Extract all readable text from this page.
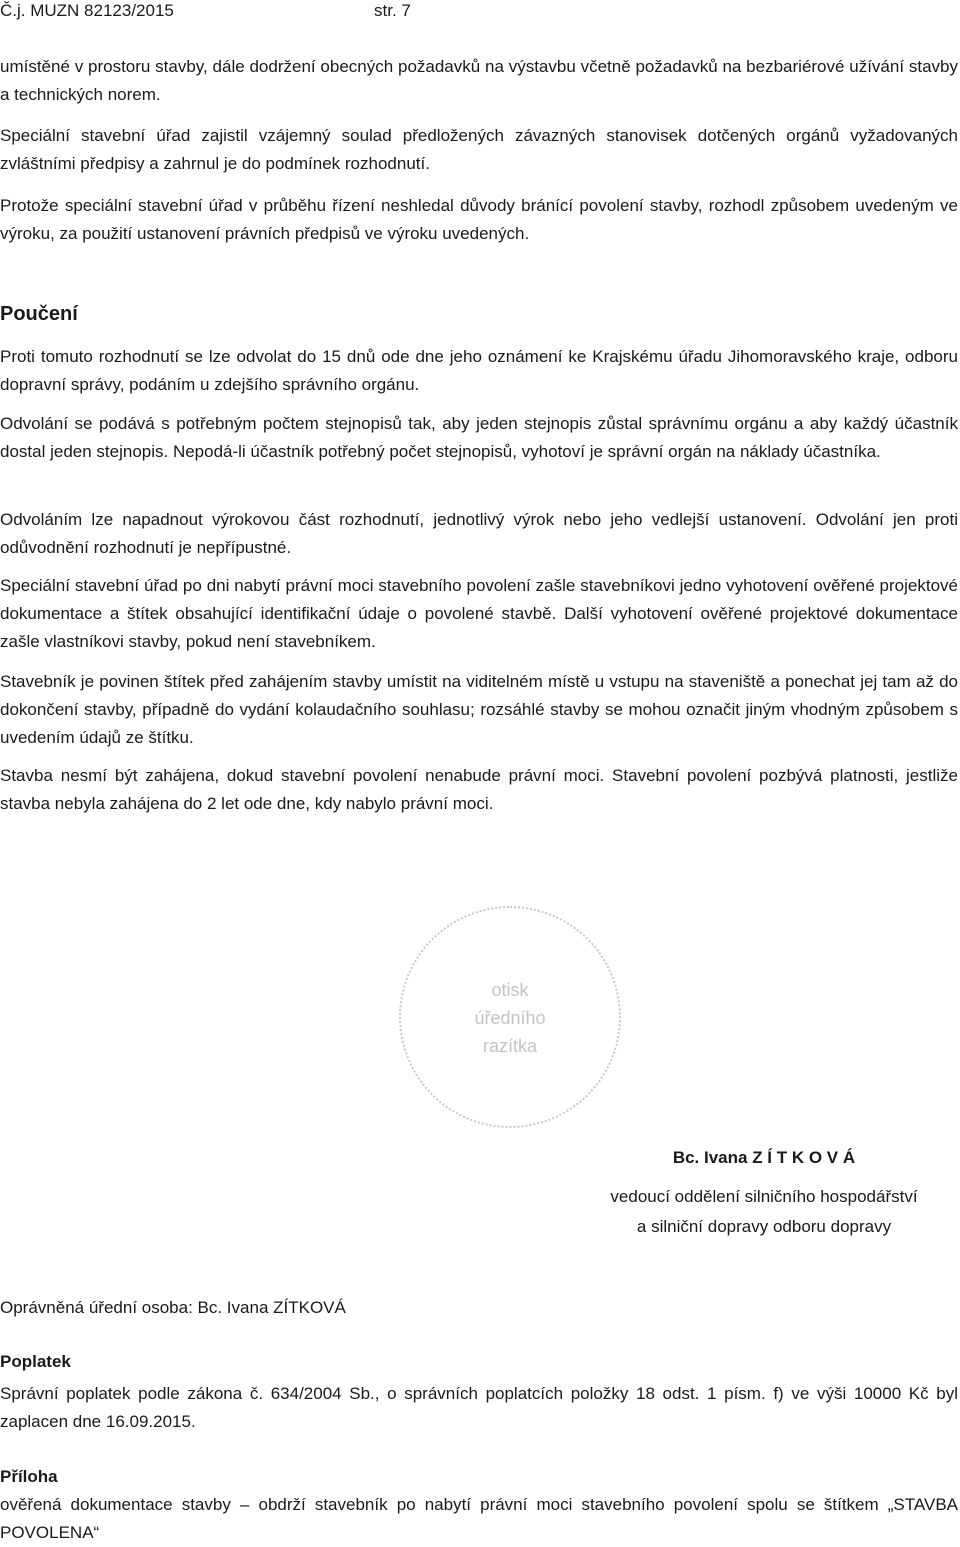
Č.j. MUZN 82123/2015	str. 7

umístěné v prostoru stavby, dále dodržení obecných požadavků na výstavbu včetně požadavků na bezbariérové užívání stavby a technických norem.

Speciální stavební úřad zajistil vzájemný soulad předložených závazných stanovisek dotčených orgánů vyžadovaných zvláštními předpisy a zahrnul je do podmínek rozhodnutí.

Protože speciální stavební úřad v průběhu řízení neshledal důvody bránící povolení stavby, rozhodl způsobem uvedeným ve výroku, za použití ustanovení právních předpisů ve výroku uvedených.

Poučení

Proti tomuto rozhodnutí se lze odvolat do 15 dnů ode dne jeho oznámení ke Krajskému úřadu Jihomoravského kraje, odboru dopravní správy, podáním u zdejšího správního orgánu.

Odvolání se podává s potřebným počtem stejnopisů tak, aby jeden stejnopis zůstal správnímu orgánu a aby každý účastník dostal jeden stejnopis. Nepodá-li účastník potřebný počet stejnopisů, vyhotoví je správní orgán na náklady účastníka.

Odvoláním lze napadnout výrokovou část rozhodnutí, jednotlivý výrok nebo jeho vedlejší ustanovení. Odvolání jen proti odůvodnění rozhodnutí je nepřípustné.

Speciální stavební úřad po dni nabytí právní moci stavebního povolení zašle stavebníkovi jedno vyhotovení ověřené projektové dokumentace a štítek obsahující identifikační údaje o povolené stavbě. Další vyhotovení ověřené projektové dokumentace zašle vlastníkovi stavby, pokud není stavebníkem.

Stavebník je povinen štítek před zahájením stavby umístit na viditelném místě u vstupu na staveniště a ponechat jej tam až do dokončení stavby, případně do vydání kolaudačního souhlasu; rozsáhlé stavby se mohou označit jiným vhodným způsobem s uvedením údajů ze štítku.

Stavba nesmí být zahájena, dokud stavební povolení nenabude právní moci. Stavební povolení pozbývá platnosti, jestliže stavba nebyla zahájena do 2 let ode dne, kdy nabylo právní moci.

otisk
úředního
razítka

Bc. Ivana Z Í T K O V Á

vedoucí oddělení silničního hospodářství
a silniční dopravy odboru dopravy

Oprávněná úřední osoba: Bc. Ivana ZÍTKOVÁ

Poplatek

Správní poplatek podle zákona č. 634/2004 Sb., o správních poplatcích položky 18 odst. 1 písm. f) ve výši 10000 Kč byl zaplacen dne 16.09.2015.

Příloha

ověřená dokumentace stavby – obdrží stavebník po nabytí právní moci stavebního povolení spolu se štítkem „STAVBA POVOLENA“
